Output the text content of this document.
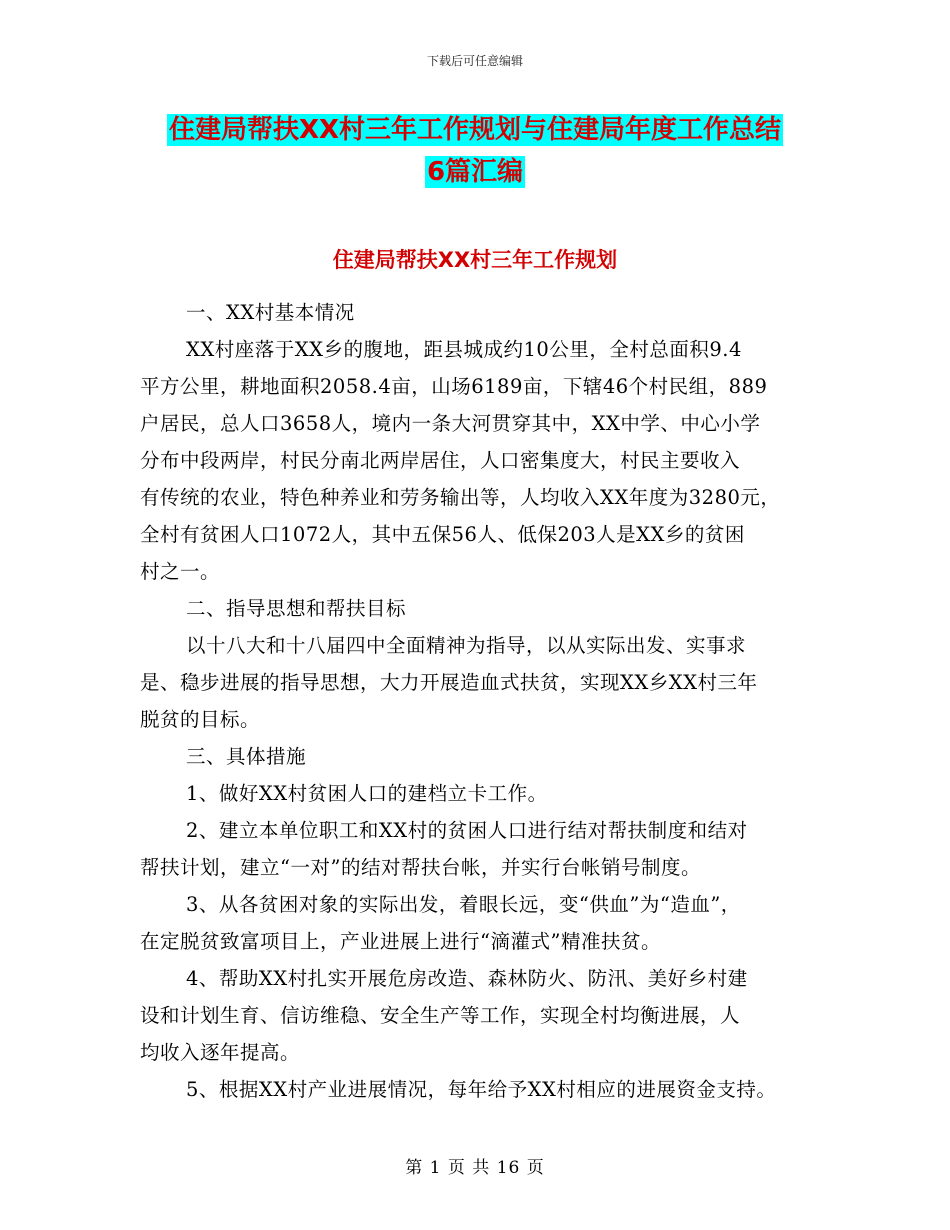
下载后可任意编辑
住建局帮扶XX村三年工作规划与住建局年度工作总结
6篇汇编
住建局帮扶XX村三年工作规划
一、XX村基本情况
XX村座落于XX乡的腹地，距县城成约10公里，全村总面积9.4
平方公里，耕地面积2058.4亩，山场6189亩，下辖46个村民组，889
户居民，总人口3658人，境内一条大河贯穿其中，XX中学、中心小学
分布中段两岸，村民分南北两岸居住，人口密集度大，村民主要收入
有传统的农业，特色种养业和劳务输出等，人均收入XX年度为3280元，
全村有贫困人口1072人，其中五保56人、低保203人是XX乡的贫困
村之一。
二、指导思想和帮扶目标
以十八大和十八届四中全面精神为指导，以从实际出发、实事求
是、稳步进展的指导思想，大力开展造血式扶贫，实现XX乡XX村三年
脱贫的目标。
三、具体措施
1、做好XX村贫困人口的建档立卡工作。
2、建立本单位职工和XX村的贫困人口进行结对帮扶制度和结对
帮扶计划，建立“一对”的结对帮扶台帐，并实行台帐销号制度。
3、从各贫困对象的实际出发，着眼长远，变“供血”为“造血”，
在定脱贫致富项目上，产业进展上进行“滴灌式”精准扶贫。
4、帮助XX村扎实开展危房改造、森林防火、防汛、美好乡村建
设和计划生育、信访维稳、安全生产等工作，实现全村均衡进展，人
均收入逐年提高。
5、根据XX村产业进展情况，每年给予XX村相应的进展资金支持。
第 1 页 共 16 页
